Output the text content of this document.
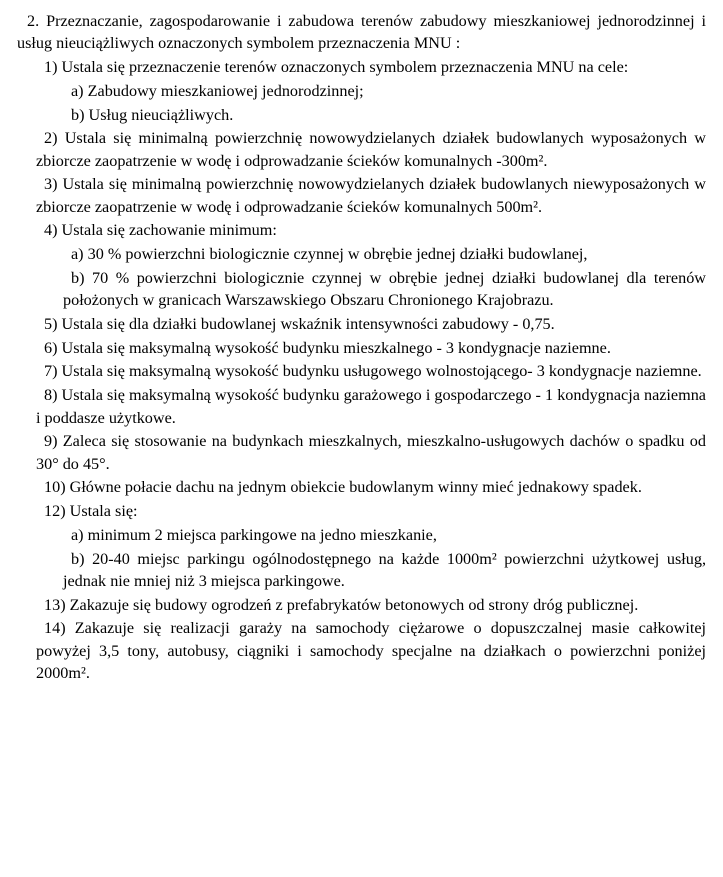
2. Przeznaczanie, zagospodarowanie i zabudowa terenów zabudowy mieszkaniowej jednorodzinnej i usług nieuciążliwych oznaczonych symbolem przeznaczenia MNU :

1) Ustala się przeznaczenie terenów oznaczonych symbolem przeznaczenia MNU na cele:

a) Zabudowy mieszkaniowej jednorodzinnej;

b) Usług nieuciążliwych.

2) Ustala się minimalną powierzchnię nowowydzielanych działek budowlanych wyposażonych w zbiorcze zaopatrzenie w wodę i odprowadzanie ścieków komunalnych -300m².

3) Ustala się minimalną powierzchnię nowowydzielanych działek budowlanych niewyposażonych w zbiorcze zaopatrzenie w wodę i odprowadzanie ścieków komunalnych 500m².

4) Ustala się zachowanie minimum:

a) 30 % powierzchni biologicznie czynnej w obrębie jednej działki budowlanej,

b) 70 % powierzchni biologicznie czynnej w obrębie jednej działki budowlanej dla terenów położonych w granicach Warszawskiego Obszaru Chronionego Krajobrazu.

5) Ustala się dla działki budowlanej wskaźnik intensywności zabudowy - 0,75.

6) Ustala się maksymalną wysokość budynku mieszkalnego - 3 kondygnacje naziemne.

7) Ustala się maksymalną wysokość budynku usługowego wolnostojącego- 3 kondygnacje naziemne.

8) Ustala się maksymalną wysokość budynku garażowego i gospodarczego - 1 kondygnacja naziemna i poddasze użytkowe.

9) Zaleca się stosowanie na budynkach mieszkalnych, mieszkalno-usługowych dachów o spadku od 30° do 45°.

10) Główne połacie dachu na jednym obiekcie budowlanym winny mieć jednakowy spadek.

12) Ustala się:

a) minimum 2 miejsca parkingowe na jedno mieszkanie,

b) 20-40 miejsc parkingu ogólnodostępnego na każde 1000m² powierzchni użytkowej usług, jednak nie mniej niż 3 miejsca parkingowe.

13) Zakazuje się budowy ogrodzeń z prefabrykatów betonowych od strony dróg publicznej.

14) Zakazuje się realizacji garaży na samochody ciężarowe o dopuszczalnej masie całkowitej powyżej 3,5 tony, autobusy, ciągniki i samochody specjalne na działkach o powierzchni poniżej 2000m².
